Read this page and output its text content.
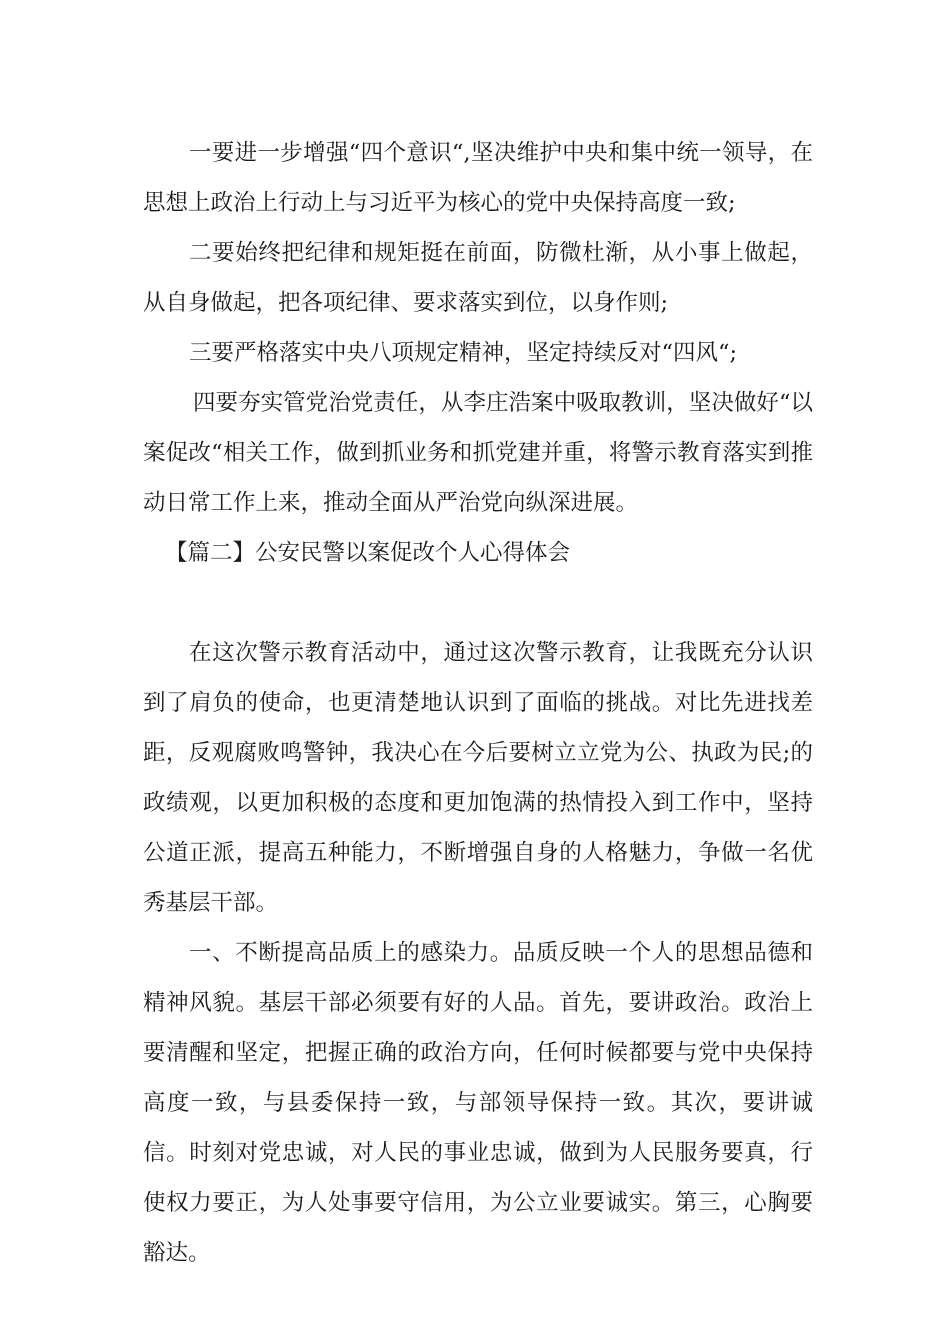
一要进一步增强“四个意识“,坚决维护中央和集中统一领导，在思想上政治上行动上与习近平为核心的党中央保持高度一致;

二要始终把纪律和规矩挺在前面，防微杜渐，从小事上做起，从自身做起，把各项纪律、要求落实到位，以身作则;

三要严格落实中央八项规定精神，坚定持续反对“四风“;

四要夯实管党治党责任，从李庄浩案中吸取教训，坚决做好“以案促改“相关工作，做到抓业务和抓党建并重，将警示教育落实到推动日常工作上来，推动全面从严治党向纵深进展。

【篇二】公安民警以案促改个人心得体会

在这次警示教育活动中，通过这次警示教育，让我既充分认识到了肩负的使命，也更清楚地认识到了面临的挑战。对比先进找差距，反观腐败鸣警钟，我决心在今后要树立立党为公、执政为民;的政绩观，以更加积极的态度和更加饱满的热情投入到工作中，坚持公道正派，提高五种能力，不断增强自身的人格魅力，争做一名优秀基层干部。

一、不断提高品质上的感染力。品质反映一个人的思想品德和精神风貌。基层干部必须要有好的人品。首先，要讲政治。政治上要清醒和坚定，把握正确的政治方向，任何时候都要与党中央保持高度一致，与县委保持一致，与部领导保持一致。其次，要讲诚信。时刻对党忠诚，对人民的事业忠诚，做到为人民服务要真，行使权力要正，为人处事要守信用，为公立业要诚实。第三，心胸要豁达。
